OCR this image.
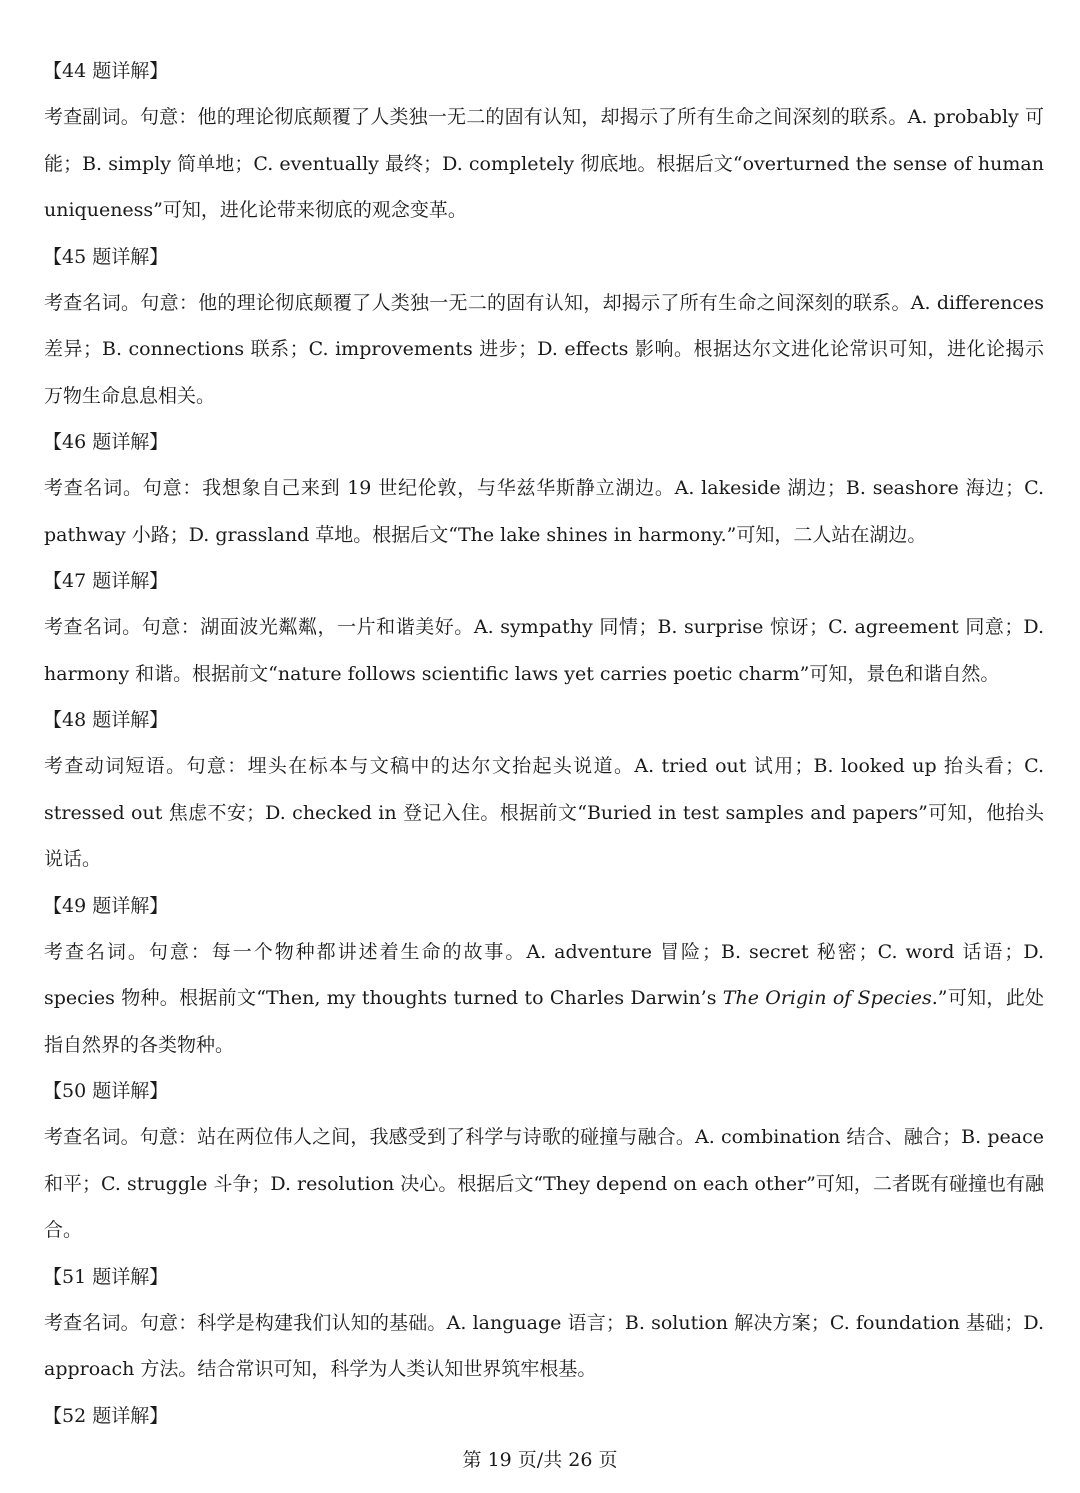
【44 题详解】

考查副词。句意：他的理论彻底颠覆了人类独一无二的固有认知，却揭示了所有生命之间深刻的联系。A. probably 可能；B. simply 简单地；C. eventually 最终；D. completely 彻底地。根据后文“overturned the sense of human uniqueness”可知，进化论带来彻底的观念变革。

【45 题详解】

考查名词。句意：他的理论彻底颠覆了人类独一无二的固有认知，却揭示了所有生命之间深刻的联系。A. differences 差异；B. connections 联系；C. improvements 进步；D. effects 影响。根据达尔文进化论常识可知，进化论揭示万物生命息息相关。

【46 题详解】

考查名词。句意：我想象自己来到 19 世纪伦敦，与华兹华斯静立湖边。A. lakeside 湖边；B. seashore 海边；C. pathway 小路；D. grassland 草地。根据后文“The lake shines in harmony.”可知，二人站在湖边。

【47 题详解】

考查名词。句意：湖面波光粼粼，一片和谐美好。A. sympathy 同情；B. surprise 惊讶；C. agreement 同意；D. harmony 和谐。根据前文“nature follows scientific laws yet carries poetic charm”可知，景色和谐自然。

【48 题详解】

考查动词短语。句意：埋头在标本与文稿中的达尔文抬起头说道。A. tried out 试用；B. looked up 抬头看；C. stressed out 焦虑不安；D. checked in 登记入住。根据前文“Buried in test samples and papers”可知，他抬头说话。

【49 题详解】

考查名词。句意：每一个物种都讲述着生命的故事。A. adventure 冒险；B. secret 秘密；C. word 话语；D. species 物种。根据前文“Then, my thoughts turned to Charles Darwin’s The Origin of Species.”可知，此处指自然界的各类物种。

【50 题详解】

考查名词。句意：站在两位伟人之间，我感受到了科学与诗歌的碰撞与融合。A. combination 结合、融合；B. peace 和平；C. struggle 斗争；D. resolution 决心。根据后文“They depend on each other”可知，二者既有碰撞也有融合。

【51 题详解】

考查名词。句意：科学是构建我们认知的基础。A. language 语言；B. solution 解决方案；C. foundation 基础；D. approach 方法。结合常识可知，科学为人类认知世界筑牢根基。

【52 题详解】
第 19 页/共 26 页
